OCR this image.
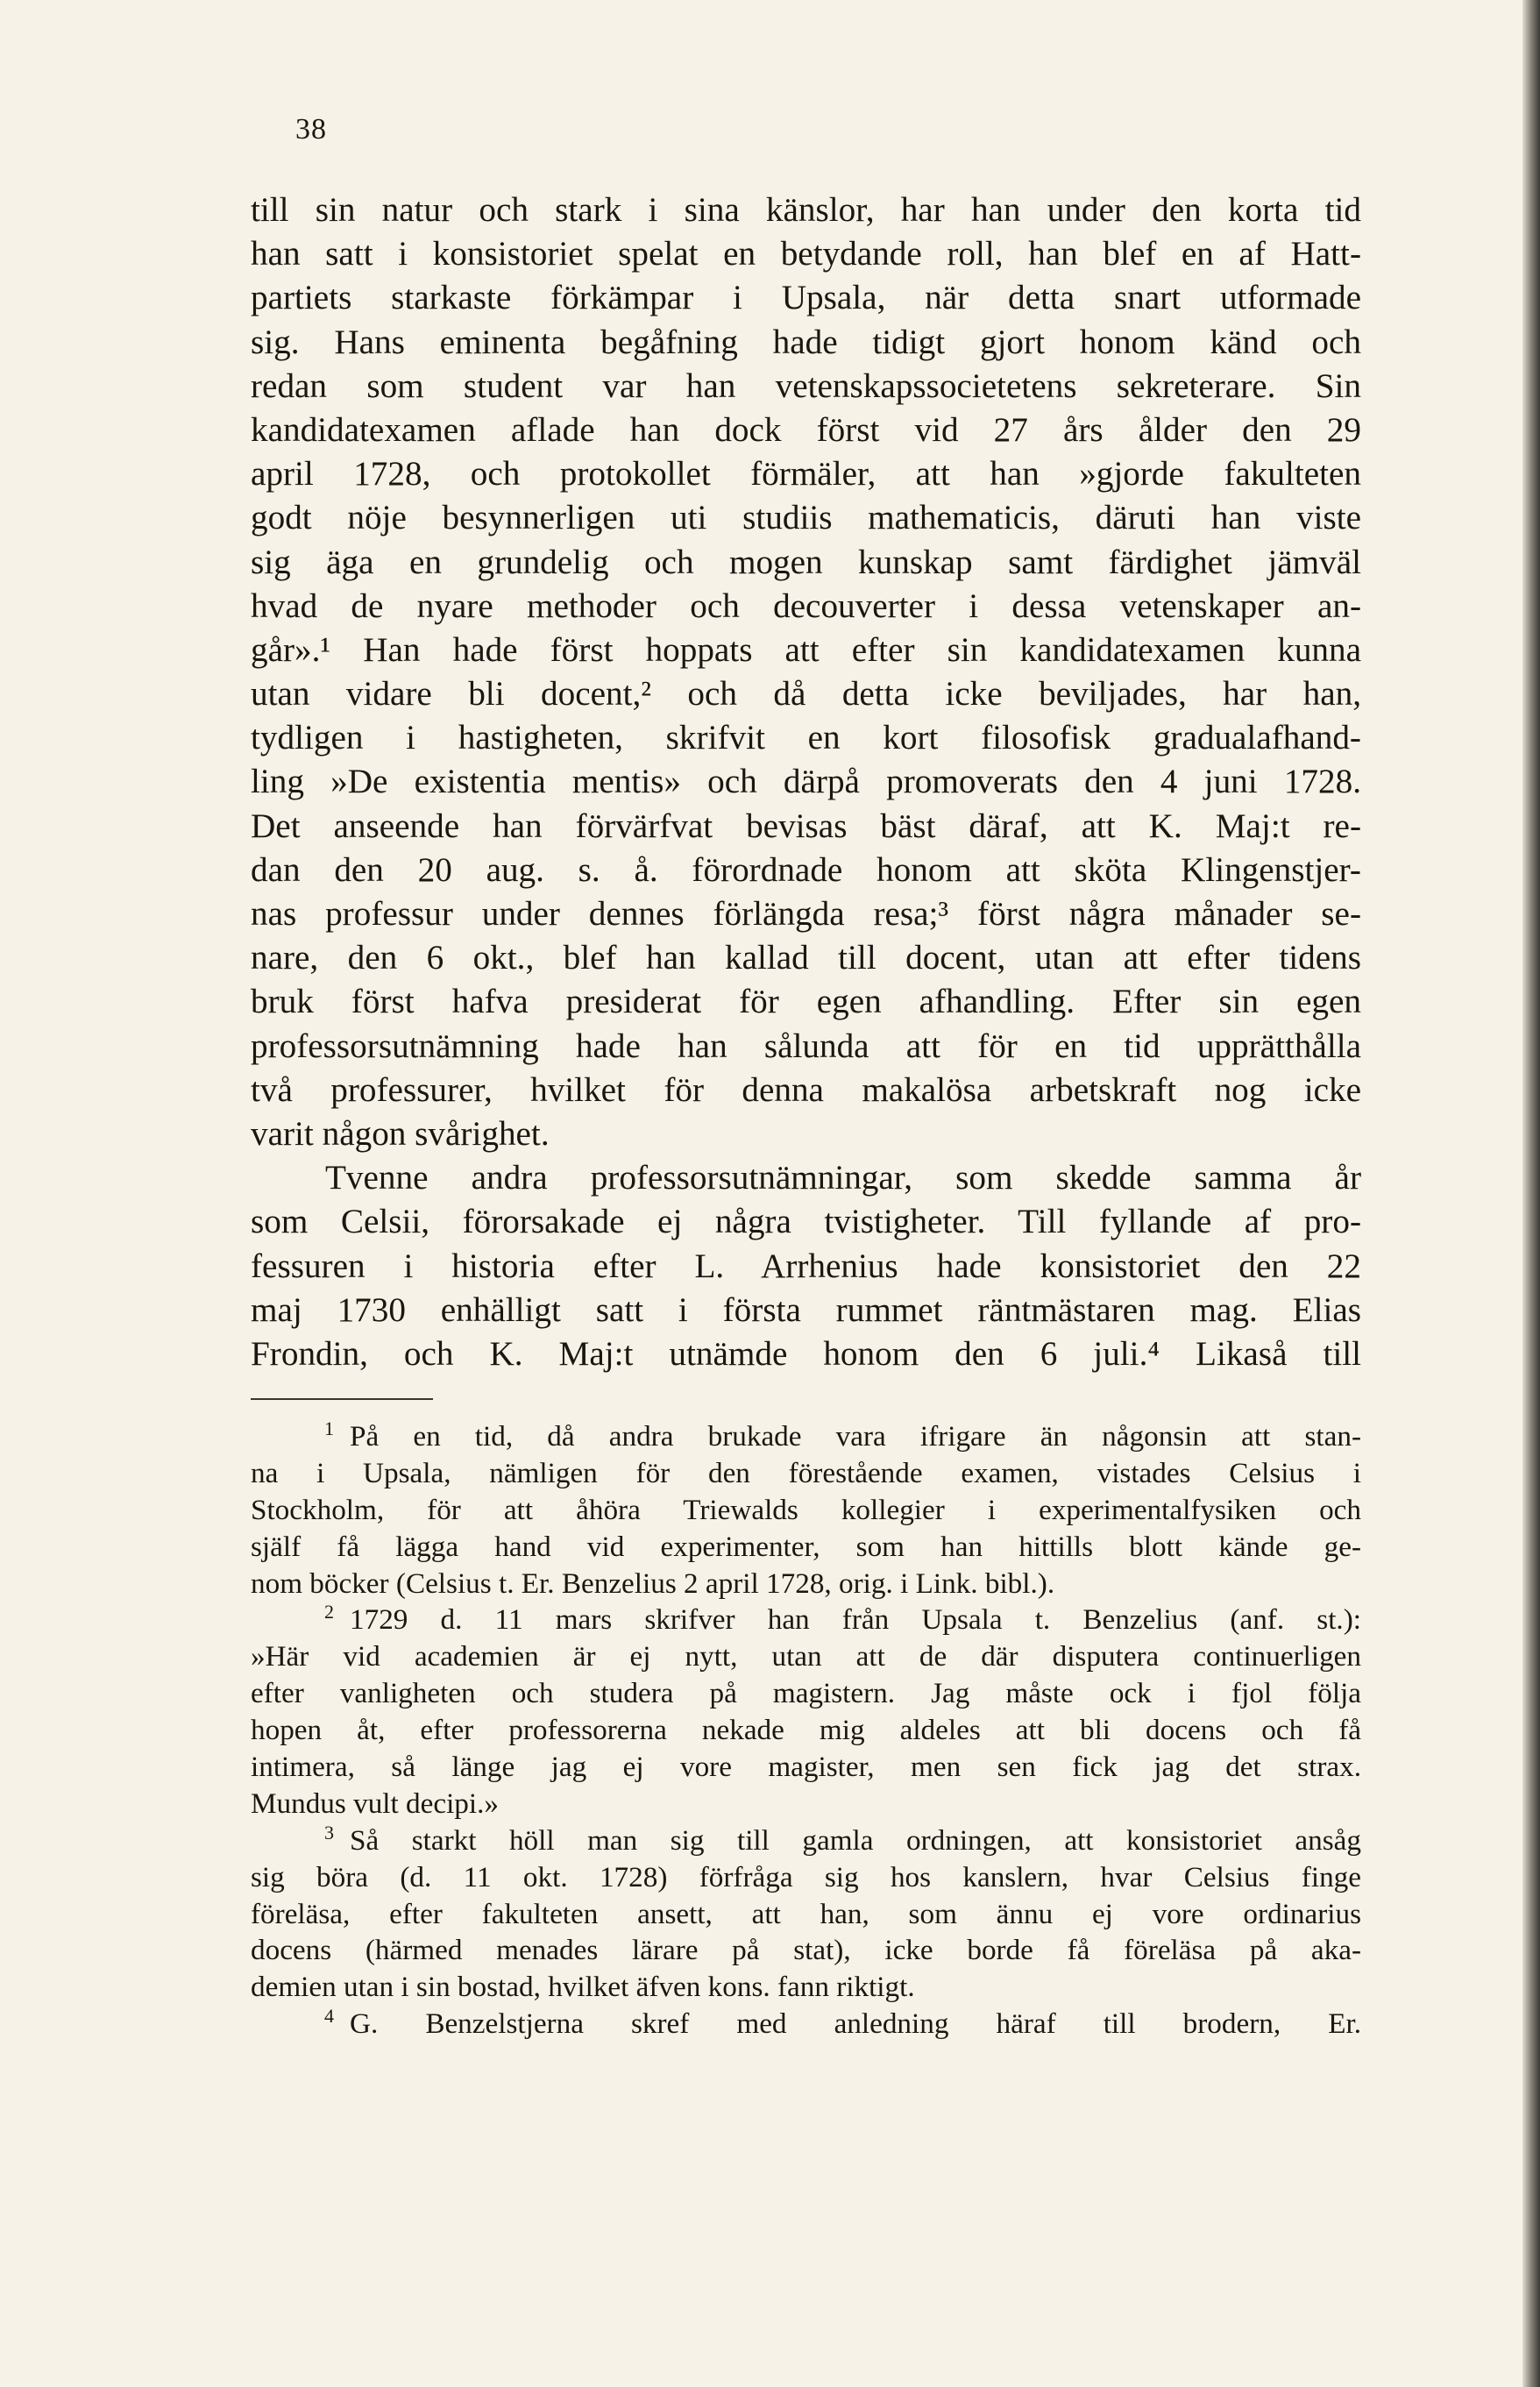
38
till sin natur och stark i sina känslor, har han under den korta tid
han satt i konsistoriet spelat en betydande roll, han blef en af Hatt-
partiets starkaste förkämpar i Upsala, när detta snart utformade
sig. Hans eminenta begåfning hade tidigt gjort honom känd och
redan som student var han vetenskapssocietetens sekreterare. Sin
kandidatexamen aflade han dock först vid 27 års ålder den 29
april 1728, och protokollet förmäler, att han »gjorde fakulteten
godt nöje besynnerligen uti studiis mathematicis, däruti han viste
sig äga en grundelig och mogen kunskap samt färdighet jämväl
hvad de nyare methoder och decouverter i dessa vetenskaper an-
går».¹ Han hade först hoppats att efter sin kandidatexamen kunna
utan vidare bli docent,² och då detta icke beviljades, har han,
tydligen i hastigheten, skrifvit en kort filosofisk gradualafhand-
ling »De existentia mentis» och därpå promoverats den 4 juni 1728.
Det anseende han förvärfvat bevisas bäst däraf, att K. Maj:t re-
dan den 20 aug. s. å. förordnade honom att sköta Klingenstjer-
nas professur under dennes förlängda resa;³ först några månader se-
nare, den 6 okt., blef han kallad till docent, utan att efter tidens
bruk först hafva presiderat för egen afhandling. Efter sin egen
professorsutnämning hade han sålunda att för en tid upprätthålla
två professurer, hvilket för denna makalösa arbetskraft nog icke
varit någon svårighet.
Tvenne andra professorsutnämningar, som skedde samma år
som Celsii, förorsakade ej några tvistigheter. Till fyllande af pro-
fessuren i historia efter L. Arrhenius hade konsistoriet den 22
maj 1730 enhälligt satt i första rummet räntmästaren mag. Elias
Frondin, och K. Maj:t utnämde honom den 6 juli.⁴ Likaså till
$^1$ På en tid, då andra brukade vara ifrigare än någonsin att stan-
na i Upsala, nämligen för den förestående examen, vistades Celsius i
Stockholm, för att åhöra Triewalds kollegier i experimentalfysiken och
själf få lägga hand vid experimenter, som han hittills blott kände ge-
nom böcker (Celsius t. Er. Benzelius 2 april 1728, orig. i Link. bibl.).
$^2$ 1729 d. 11 mars skrifver han från Upsala t. Benzelius (anf. st.):
»Här vid academien är ej nytt, utan att de där disputera continuerligen
efter vanligheten och studera på magistern. Jag måste ock i fjol följa
hopen åt, efter professorerna nekade mig aldeles att bli docens och få
intimera, så länge jag ej vore magister, men sen fick jag det strax.
Mundus vult decipi.»
$^3$ Så starkt höll man sig till gamla ordningen, att konsistoriet ansåg
sig böra (d. 11 okt. 1728) förfråga sig hos kanslern, hvar Celsius finge
föreläsa, efter fakulteten ansett, att han, som ännu ej vore ordinarius
docens (härmed menades lärare på stat), icke borde få föreläsa på aka-
demien utan i sin bostad, hvilket äfven kons. fann riktigt.
$^4$ G. Benzelstjerna skref med anledning häraf till brodern, Er.
